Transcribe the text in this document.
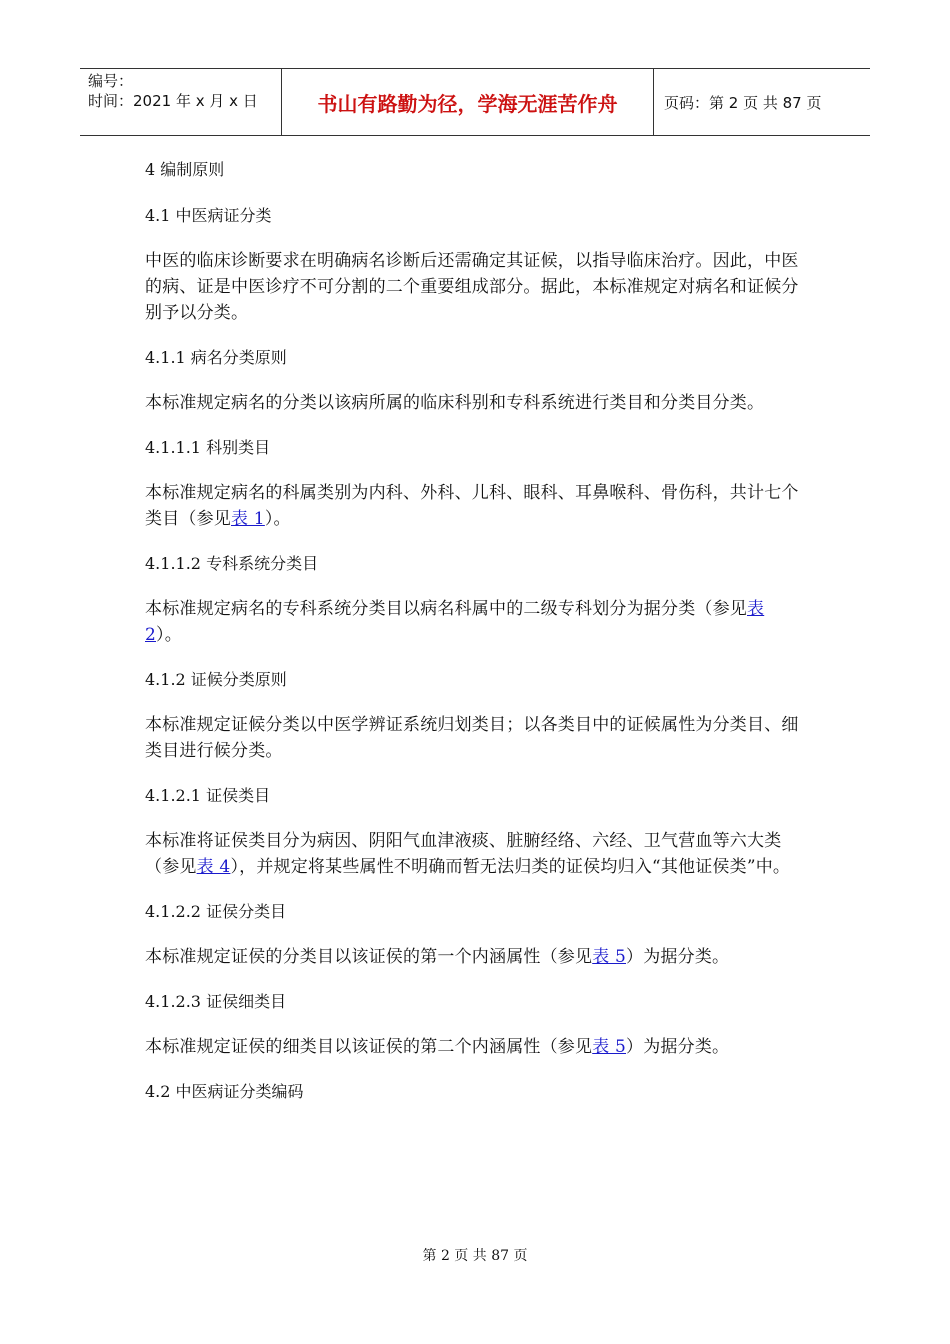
编号：
时间：2021 年 x 月 x 日	书山有路勤为径，学海无涯苦作舟	页码：第 2 页 共 87 页
4 编制原则
4.1 中医病证分类
中医的临床诊断要求在明确病名诊断后还需确定其证候，以指导临床治疗。因此，中医的病、证是中医诊疗不可分割的二个重要组成部分。据此，本标准规定对病名和证候分别予以分类。
4.1.1 病名分类原则
本标准规定病名的分类以该病所属的临床科别和专科系统进行类目和分类目分类。
4.1.1.1 科别类目
本标准规定病名的科属类别为内科、外科、儿科、眼科、耳鼻喉科、骨伤科，共计七个类目（参见表 1）。
4.1.1.2 专科系统分类目
本标准规定病名的专科系统分类目以病名科属中的二级专科划分为据分类（参见表 2）。
4.1.2 证候分类原则
本标准规定证候分类以中医学辨证系统归划类目；以各类目中的证候属性为分类目、细类目进行候分类。
4.1.2.1 证侯类目
本标准将证侯类目分为病因、阴阳气血津液痰、脏腑经络、六经、卫气营血等六大类（参见表 4），并规定将某些属性不明确而暂无法归类的证侯均归入“其他证侯类”中。
4.1.2.2 证侯分类目
本标准规定证侯的分类目以该证侯的第一个内涵属性（参见表 5）为据分类。
4.1.2.3 证侯细类目
本标准规定证侯的细类目以该证侯的第二个内涵属性（参见表 5）为据分类。
4.2 中医病证分类编码
第 2 页 共 87 页
